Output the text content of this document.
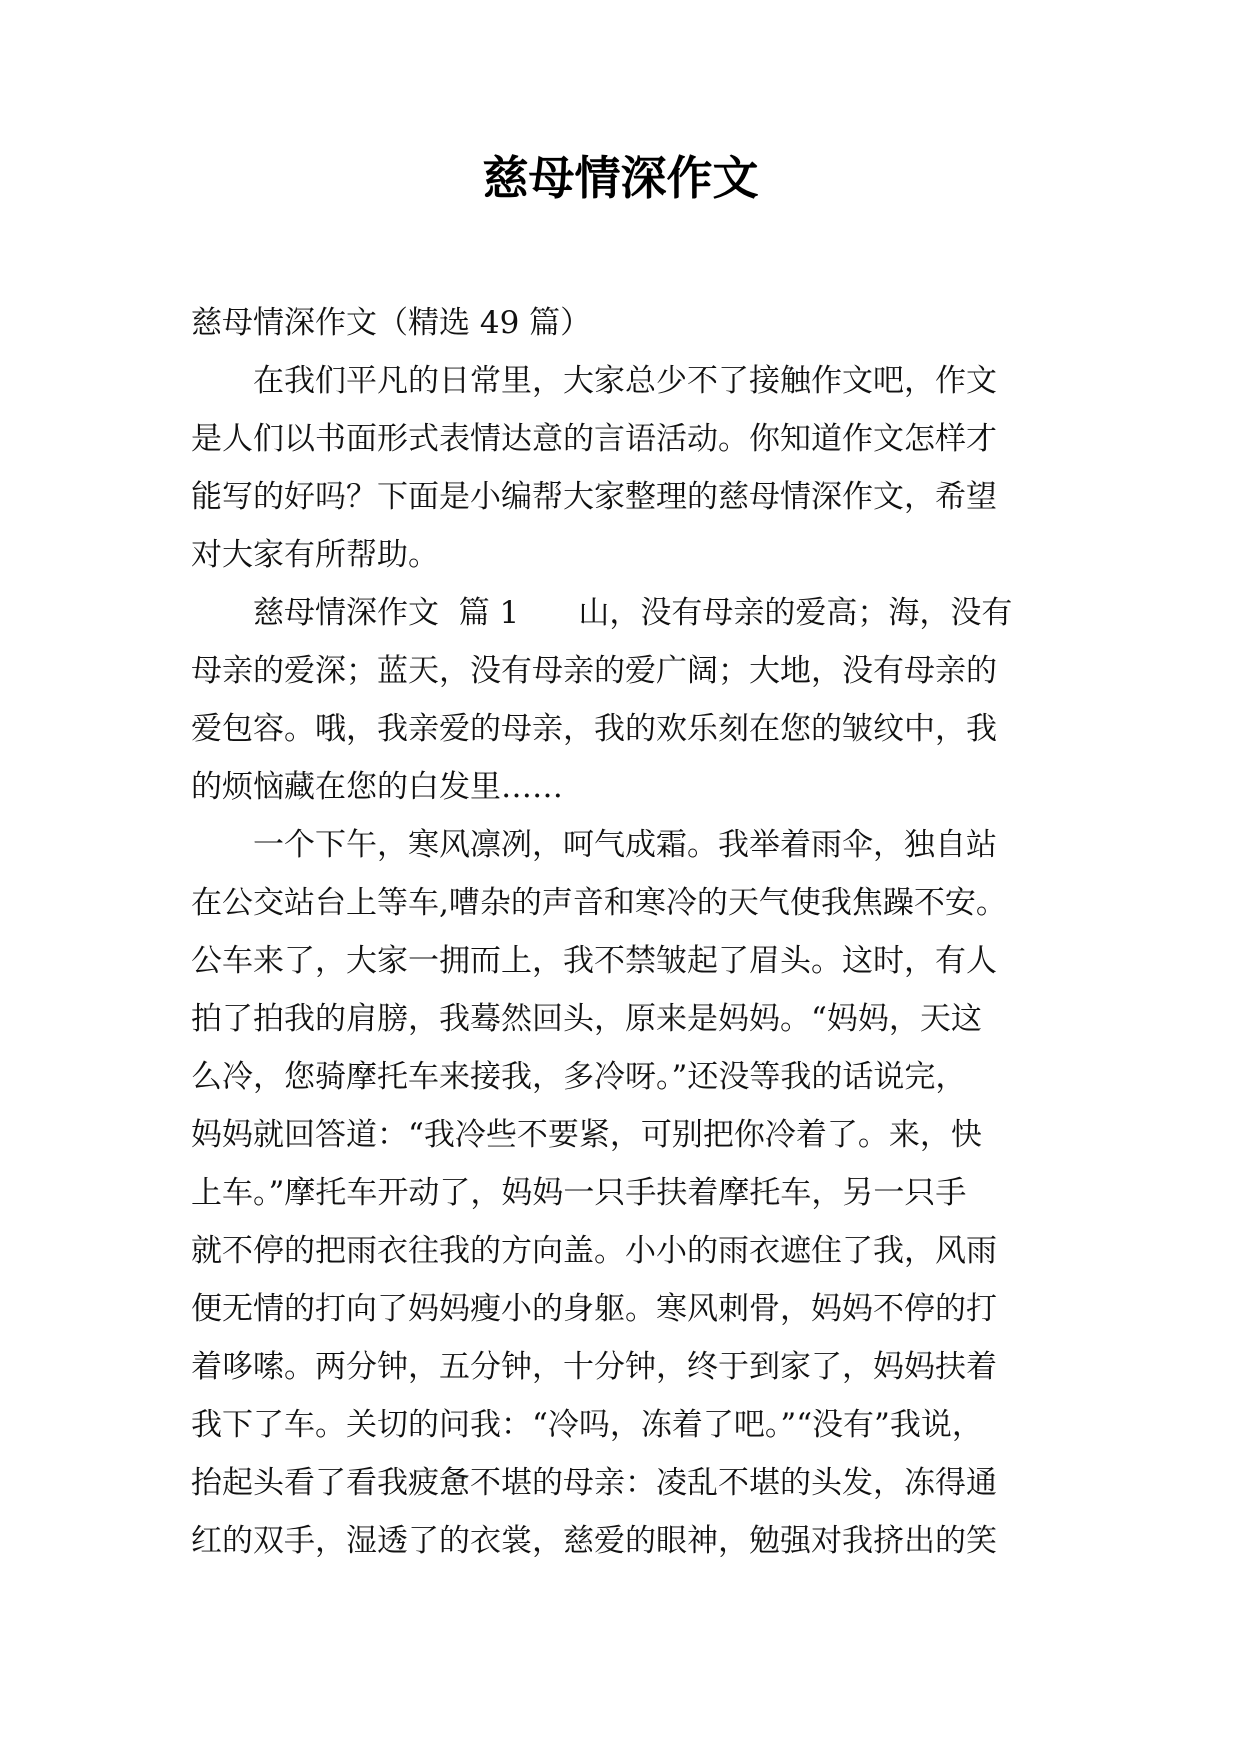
慈母情深作文

慈母情深作文（精选 49 篇）

在我们平凡的日常里，大家总少不了接触作文吧，作文
是人们以书面形式表情达意的言语活动。你知道作文怎样才
能写的好吗？下面是小编帮大家整理的慈母情深作文，希望
对大家有所帮助。

慈母情深作文  篇 1      山，没有母亲的爱高；海，没有
母亲的爱深；蓝天，没有母亲的爱广阔；大地，没有母亲的
爱包容。哦，我亲爱的母亲，我的欢乐刻在您的皱纹中，我
的烦恼藏在您的白发里……

一个下午，寒风凛冽，呵气成霜。我举着雨伞，独自站
在公交站台上等车,嘈杂的声音和寒冷的天气使我焦躁不安。
公车来了，大家一拥而上，我不禁皱起了眉头。这时，有人
拍了拍我的肩膀，我蓦然回头，原来是妈妈。“妈妈，天这
么冷，您骑摩托车来接我，多冷呀。”还没等我的话说完，
妈妈就回答道：“我冷些不要紧，可别把你冷着了。来，快
上车。”摩托车开动了，妈妈一只手扶着摩托车，另一只手
就不停的把雨衣往我的方向盖。小小的雨衣遮住了我，风雨
便无情的打向了妈妈瘦小的身躯。寒风刺骨，妈妈不停的打
着哆嗦。两分钟，五分钟，十分钟，终于到家了，妈妈扶着
我下了车。关切的问我：“冷吗，冻着了吧。”“没有”我说，
抬起头看了看我疲惫不堪的母亲：凌乱不堪的头发，冻得通
红的双手，湿透了的衣裳，慈爱的眼神，勉强对我挤出的笑
